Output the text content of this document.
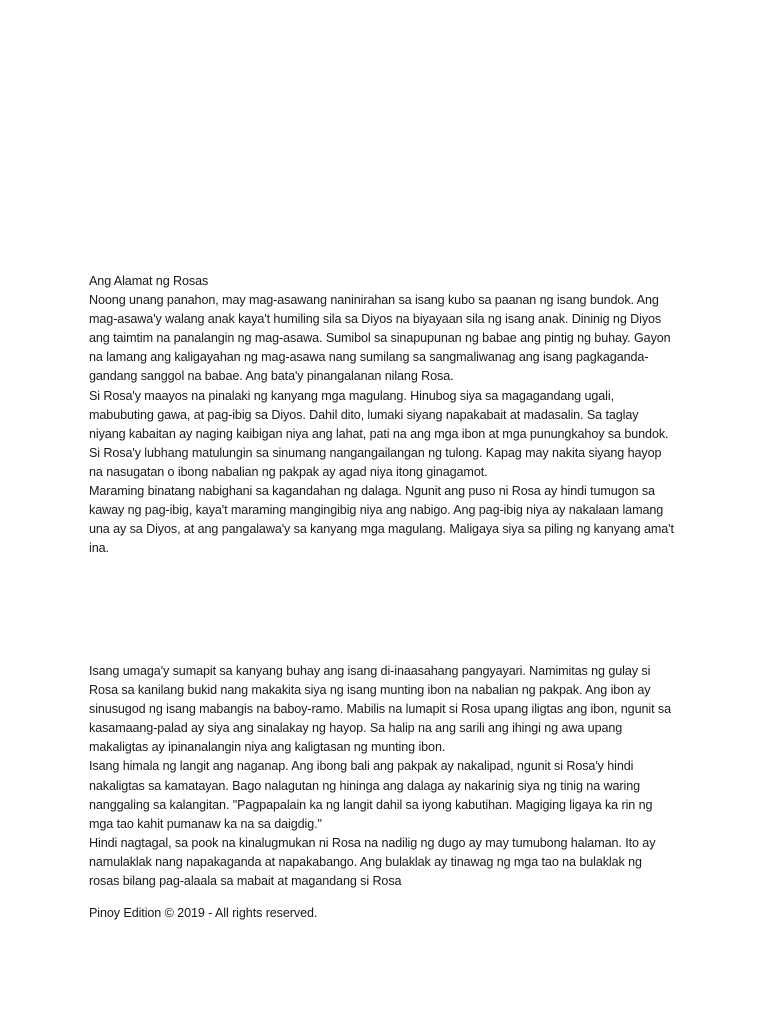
Ang Alamat ng Rosas

Noong unang panahon, may mag-asawang naninirahan sa isang kubo sa paanan ng isang bundok. Ang
mag-asawa'y walang anak kaya't humiling sila sa Diyos na biyayaan sila ng isang anak. Dininig ng Diyos
ang taimtim na panalangin ng mag-asawa. Sumibol sa sinapupunan ng babae ang pintig ng buhay. Gayon
na lamang ang kaligayahan ng mag-asawa nang sumilang sa sangmaliwanag ang isang pagkaganda-
gandang sanggol na babae. Ang bata'y pinangalanan nilang Rosa.

Si Rosa'y maayos na pinalaki ng kanyang mga magulang. Hinubog siya sa magagandang ugali,
mabubuting gawa, at pag-ibig sa Diyos. Dahil dito, lumaki siyang napakabait at madasalin. Sa taglay
niyang kabaitan ay naging kaibigan niya ang lahat, pati na ang mga ibon at mga punungkahoy sa bundok.

Si Rosa'y lubhang matulungin sa sinumang nangangailangan ng tulong. Kapag may nakita siyang hayop
na nasugatan o ibong nabalian ng pakpak ay agad niya itong ginagamot.

Maraming binatang nabighani sa kagandahan ng dalaga. Ngunit ang puso ni Rosa ay hindi tumugon sa
kaway ng pag-ibig, kaya't maraming mangingibig niya ang nabigo. Ang pag-ibig niya ay nakalaan lamang
una ay sa Diyos, at ang pangalawa'y sa kanyang mga magulang. Maligaya siya sa piling ng kanyang ama't
ina.

Isang umaga'y sumapit sa kanyang buhay ang isang di-inaasahang pangyayari. Namimitas ng gulay si
Rosa sa kanilang bukid nang makakita siya ng isang munting ibon na nabalian ng pakpak. Ang ibon ay
sinusugod ng isang mabangis na baboy-ramo. Mabilis na lumapit si Rosa upang iligtas ang ibon, ngunit sa
kasamaang-palad ay siya ang sinalakay ng hayop. Sa halip na ang sarili ang ihingi ng awa upang
makaligtas ay ipinanalangin niya ang kaligtasan ng munting ibon.

Isang himala ng langit ang naganap. Ang ibong bali ang pakpak ay nakalipad, ngunit si Rosa'y hindi
nakaligtas sa kamatayan. Bago nalagutan ng hininga ang dalaga ay nakarinig siya ng tinig na waring
nanggaling sa kalangitan. "Pagpapalain ka ng langit dahil sa iyong kabutihan. Magiging ligaya ka rin ng
mga tao kahit pumanaw ka na sa daigdig."

Hindi nagtagal, sa pook na kinalugmukan ni Rosa na nadilig ng dugo ay may tumubong halaman. Ito ay
namulaklak nang napakaganda at napakabango. Ang bulaklak ay tinawag ng mga tao na bulaklak ng
rosas bilang pag-alaala sa mabait at magandang si Rosa

Pinoy Edition © 2019 - All rights reserved.
